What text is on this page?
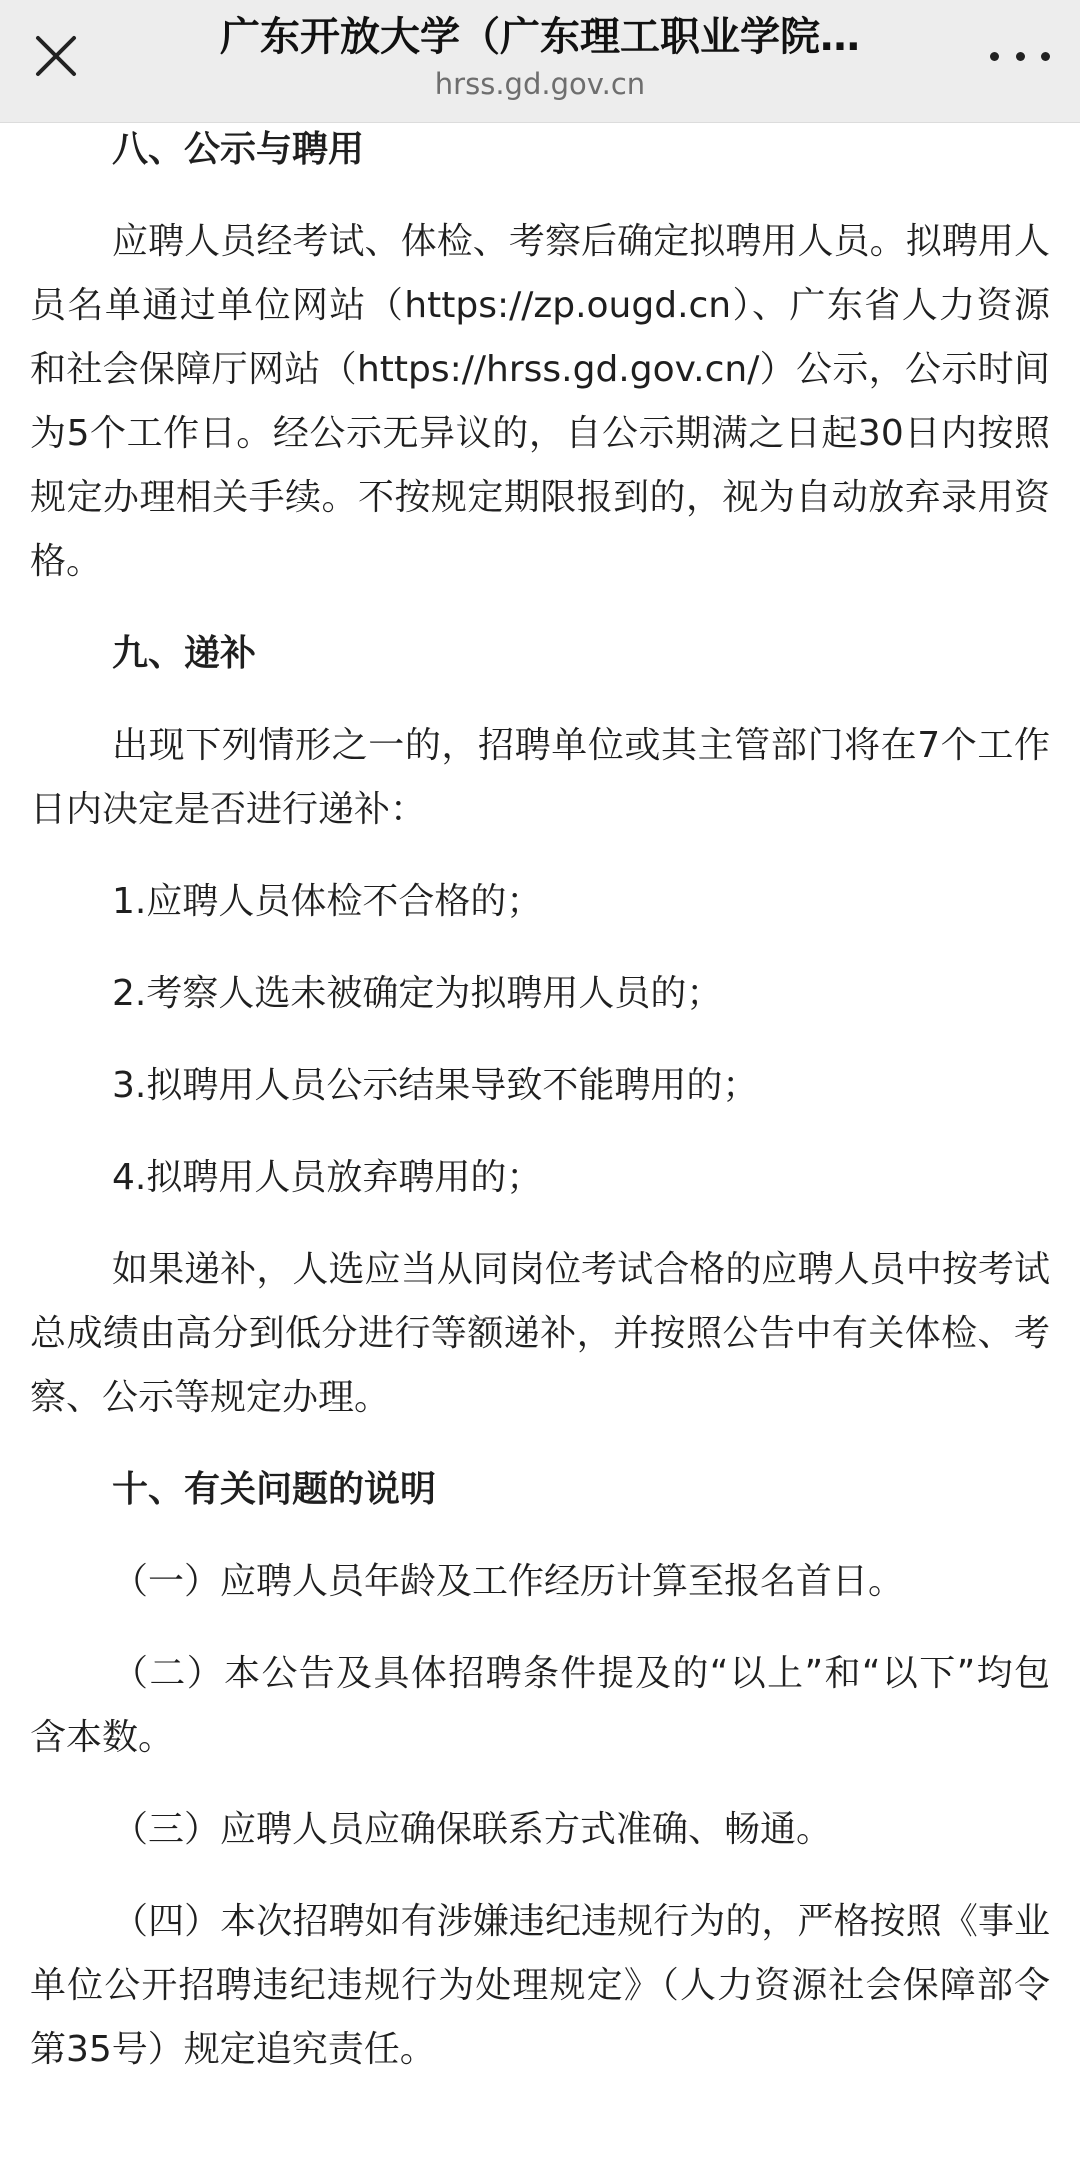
广东开放大学（广东理工职业学院…
hrss.gd.gov.cn

八、公示与聘用

应聘人员经考试、体检、考察后确定拟聘用人员。拟聘用人员名单通过单位网站（https://zp.ougd.cn）、广东省人力资源和社会保障厅网站（https://hrss.gd.gov.cn/）公示，公示时间为5个工作日。经公示无异议的，自公示期满之日起30日内按照规定办理相关手续。不按规定期限报到的，视为自动放弃录用资格。

九、递补

出现下列情形之一的，招聘单位或其主管部门将在7个工作日内决定是否进行递补：

1.应聘人员体检不合格的；

2.考察人选未被确定为拟聘用人员的；

3.拟聘用人员公示结果导致不能聘用的；

4.拟聘用人员放弃聘用的；

如果递补，人选应当从同岗位考试合格的应聘人员中按考试总成绩由高分到低分进行等额递补，并按照公告中有关体检、考察、公示等规定办理。

十、有关问题的说明

（一）应聘人员年龄及工作经历计算至报名首日。

（二）本公告及具体招聘条件提及的“以上”和“以下”均包含本数。

（三）应聘人员应确保联系方式准确、畅通。

（四）本次招聘如有涉嫌违纪违规行为的，严格按照《事业单位公开招聘违纪违规行为处理规定》（人力资源社会保障部令第35号）规定追究责任。
